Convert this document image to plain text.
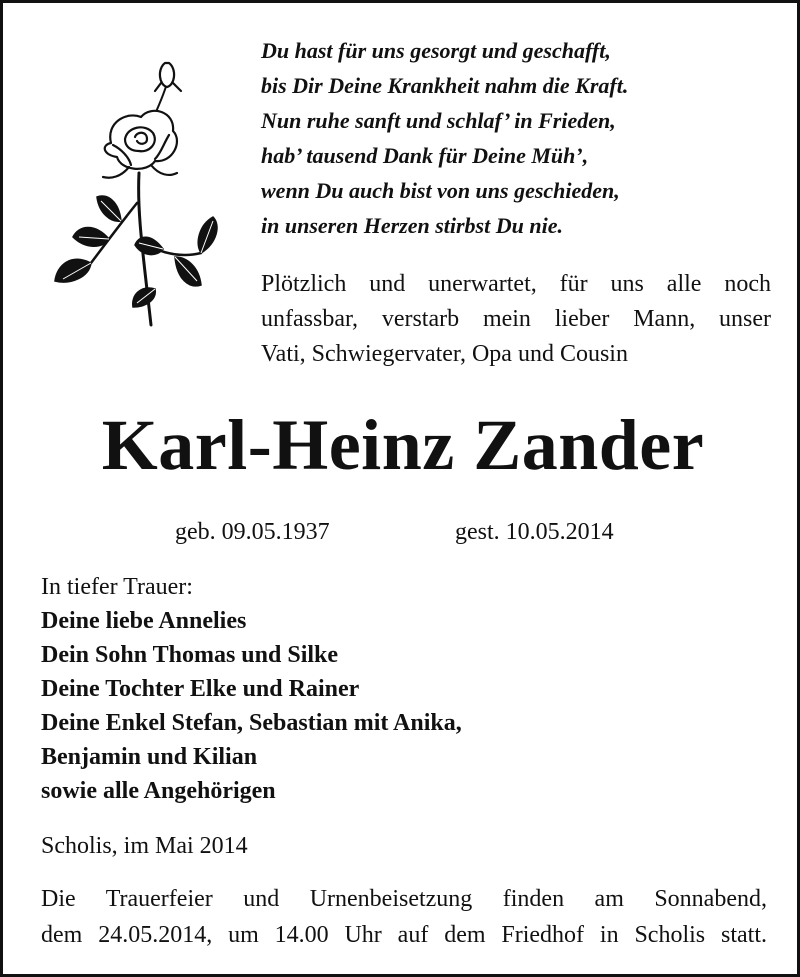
Du hast für uns gesorgt und geschafft,
bis Dir Deine Krankheit nahm die Kraft.
Nun ruhe sanft und schlaf’ in Frieden,
hab’ tausend Dank für Deine Müh’,
wenn Du auch bist von uns geschieden,
in unseren Herzen stirbst Du nie.
Plötzlich und unerwartet, für uns alle noch
unfassbar, verstarb mein lieber Mann, unser
Vati, Schwiegervater, Opa und Cousin
Karl-Heinz Zander
geb. 09.05.1937	gest. 10.05.2014
In tiefer Trauer:
Deine liebe Annelies
Dein Sohn Thomas und Silke
Deine Tochter Elke und Rainer
Deine Enkel Stefan, Sebastian mit Anika,
Benjamin und Kilian
sowie alle Angehörigen
Scholis, im Mai 2014
Die Trauerfeier und Urnenbeisetzung finden am Sonnabend,
dem 24.05.2014, um 14.00 Uhr auf dem Friedhof in Scholis statt.
